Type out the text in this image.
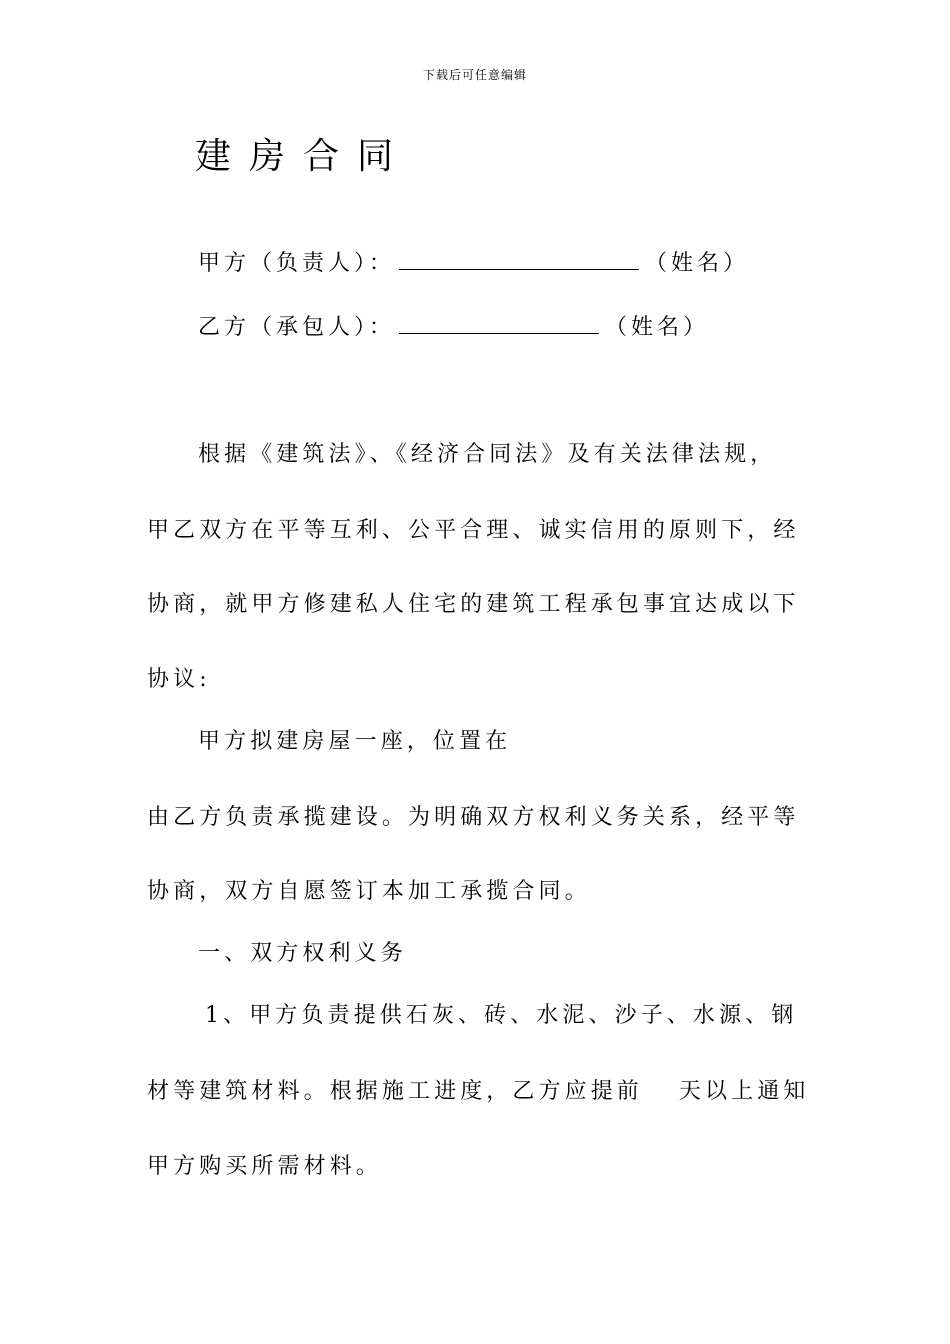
下载后可任意编辑
建房合同
甲方（负责人）：	（姓名）
乙方（承包人）：	（姓名）
根据《建筑法》、《经济合同法》及有关法律法规，
甲乙双方在平等互利、公平合理、诚实信用的原则下，经
协商，就甲方修建私人住宅的建筑工程承包事宜达成以下
协议:
甲方拟建房屋一座，位置在
由乙方负责承揽建设。为明确双方权利义务关系，经平等
协商，双方自愿签订本加工承揽合同。
一、双方权利义务
1、甲方负责提供石灰、砖、水泥、沙子、水源、钢
材等建筑材料。根据施工进度，乙方应提前 天以上通知
甲方购买所需材料。
